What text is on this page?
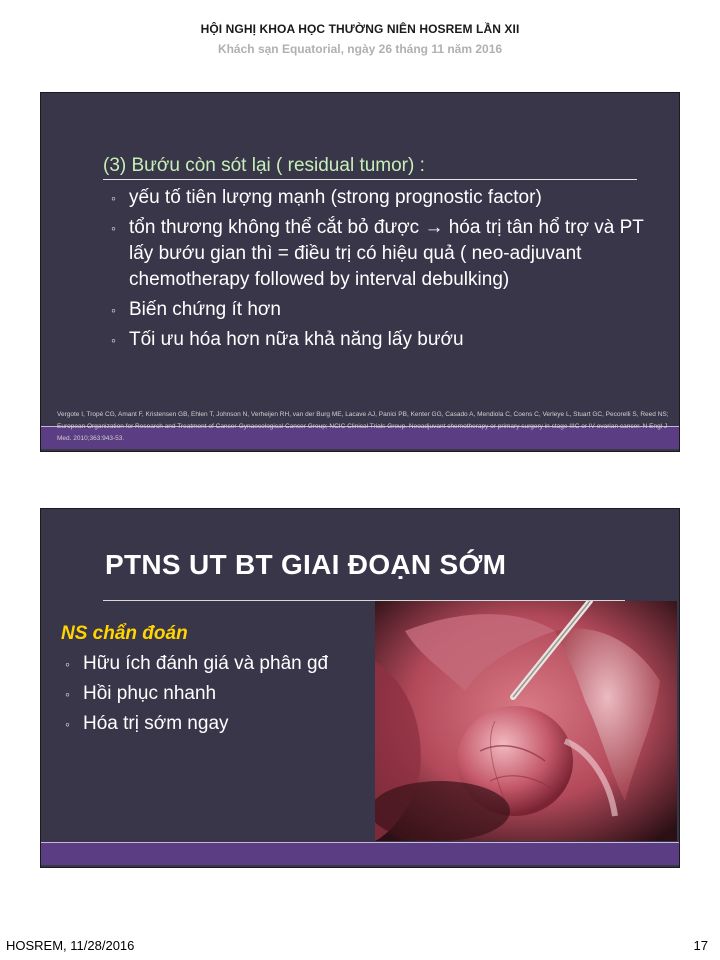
HỘI NGHỊ KHOA HỌC THƯỜNG NIÊN HOSREM LẦN XII
Khách sạn Equatorial, ngày 26 tháng 11 năm 2016
(3) Bướu còn sót lại ( residual tumor) :
◦ yếu tố tiên lượng mạnh (strong prognostic factor)
◦ tổn thương không thể cắt bỏ được → hóa trị tân hổ trợ và PT lấy bướu gian thì = điều trị có hiệu quả ( neo-adjuvant chemotherapy followed by interval debulking)
◦ Biến chứng ít hơn
◦ Tối ưu hóa hơn nữa khả năng lấy bướu
Vergote I, Tropé CG, Amant F, Kristensen GB, Ehlen T, Johnson N, Verheijen RH, van der Burg ME, Lacave AJ, Panici PB, Kenter GG, Casado A, Mendiola C, Coens C, Verleye L, Stuart GC, Pecorelli S, Reed NS; European Organization for Research and Treatment of Cancer-Gynaecological Cancer Group; NCIC Clinical Trials Group. Neoadjuvant chemotherapy or primary surgery in stage IIIC or IV ovarian cancer. N Engl J Med. 2010;363:943-53.
PTNS UT BT GIAI ĐOẠN SỚM
NS chẩn đoán
◦ Hữu ích đánh giá và phân gđ
◦ Hồi phục nhanh
◦ Hóa trị sớm ngay
HOSREM, 11/28/2016	17
